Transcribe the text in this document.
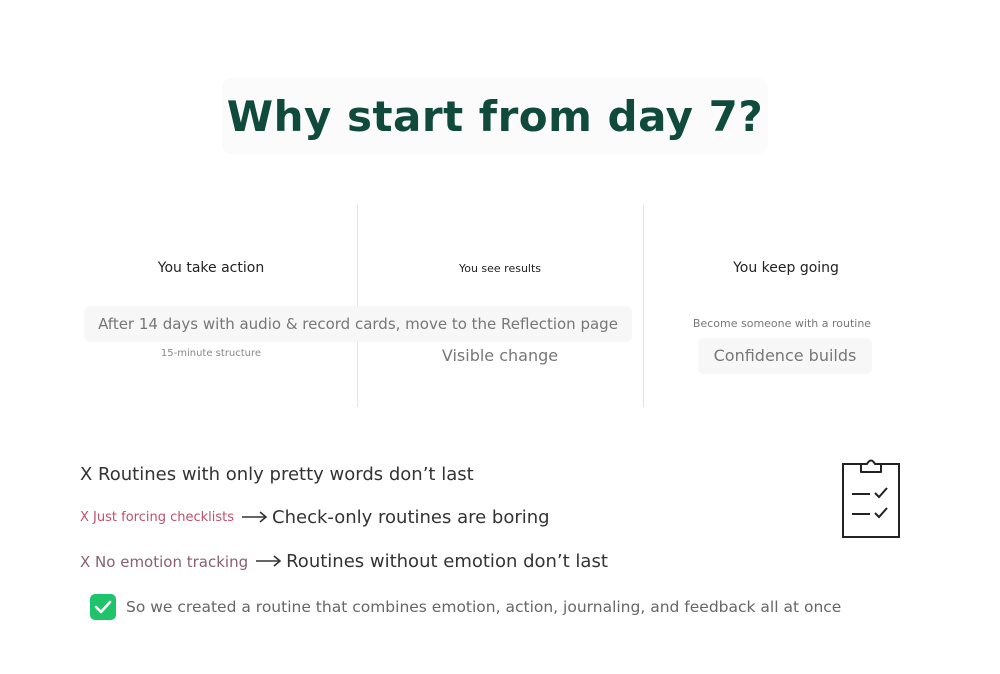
Why start from day 7?
You take action
After 14 days with audio & record cards, move to the Reflection page
15-minute structure
You see results
Visible change
You keep going
Become someone with a routine
Confidence builds
X Routines with only pretty words don’t last
X Just forcing checklists Check-only routines are boring
X No emotion tracking Routines without emotion don’t last
So we created a routine that combines emotion, action, journaling, and feedback all at once
